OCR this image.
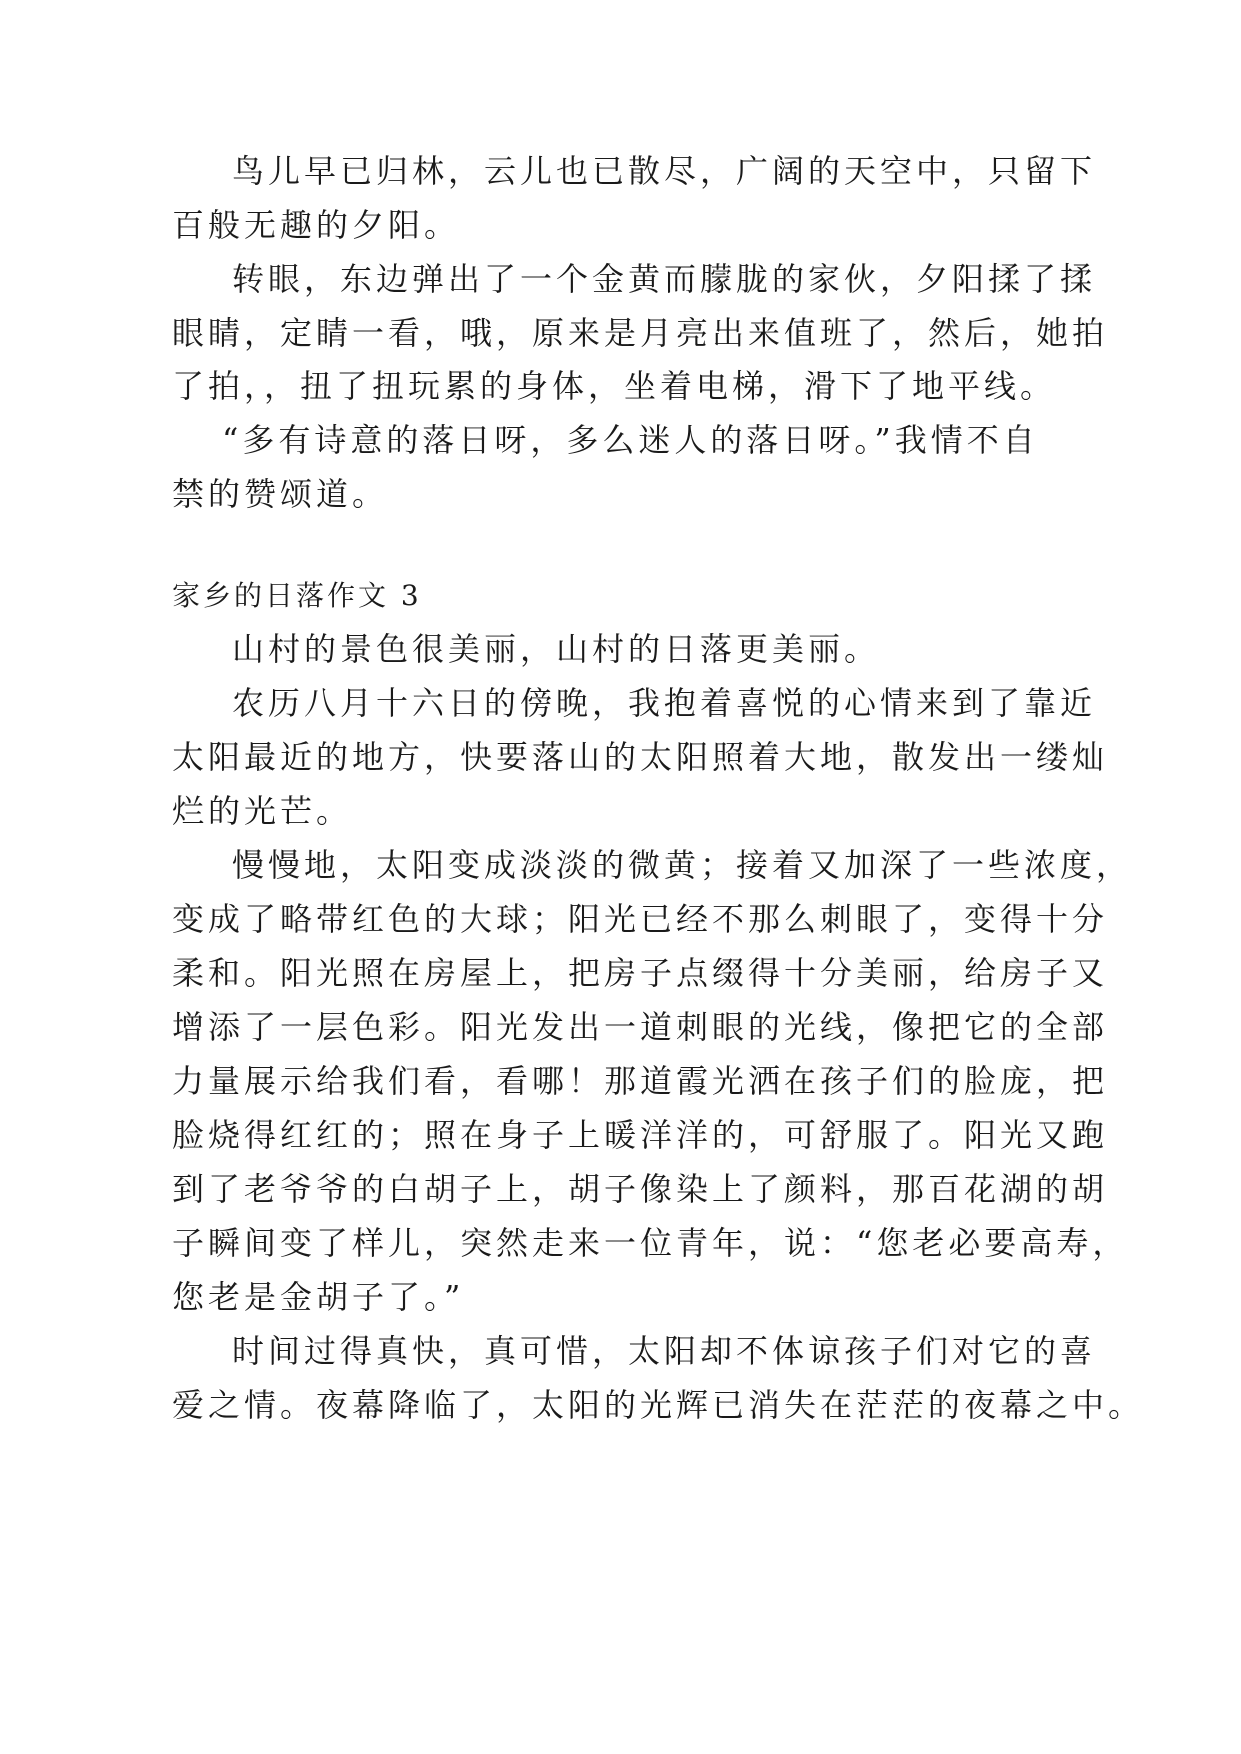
鸟儿早已归林，云儿也已散尽，广阔的天空中，只留下
百般无趣的夕阳。
转眼，东边弹出了一个金黄而朦胧的家伙，夕阳揉了揉
眼睛，定睛一看，哦，原来是月亮出来值班了，然后，她拍
了拍，，扭了扭玩累的身体，坐着电梯，滑下了地平线。
“多有诗意的落日呀，多么迷人的落日呀。”我情不自
禁的赞颂道。
家乡的日落作文 3
山村的景色很美丽，山村的日落更美丽。
农历八月十六日的傍晚，我抱着喜悦的心情来到了靠近
太阳最近的地方，快要落山的太阳照着大地，散发出一缕灿
烂的光芒。
慢慢地，太阳变成淡淡的微黄；接着又加深了一些浓度，
变成了略带红色的大球；阳光已经不那么刺眼了，变得十分
柔和。阳光照在房屋上，把房子点缀得十分美丽，给房子又
增添了一层色彩。阳光发出一道刺眼的光线，像把它的全部
力量展示给我们看，看哪！那道霞光洒在孩子们的脸庞，把
脸烧得红红的；照在身子上暖洋洋的，可舒服了。阳光又跑
到了老爷爷的白胡子上，胡子像染上了颜料，那百花湖的胡
子瞬间变了样儿，突然走来一位青年，说：“您老必要高寿，
您老是金胡子了。”
时间过得真快，真可惜，太阳却不体谅孩子们对它的喜
爱之情。夜幕降临了，太阳的光辉已消失在茫茫的夜幕之中。
